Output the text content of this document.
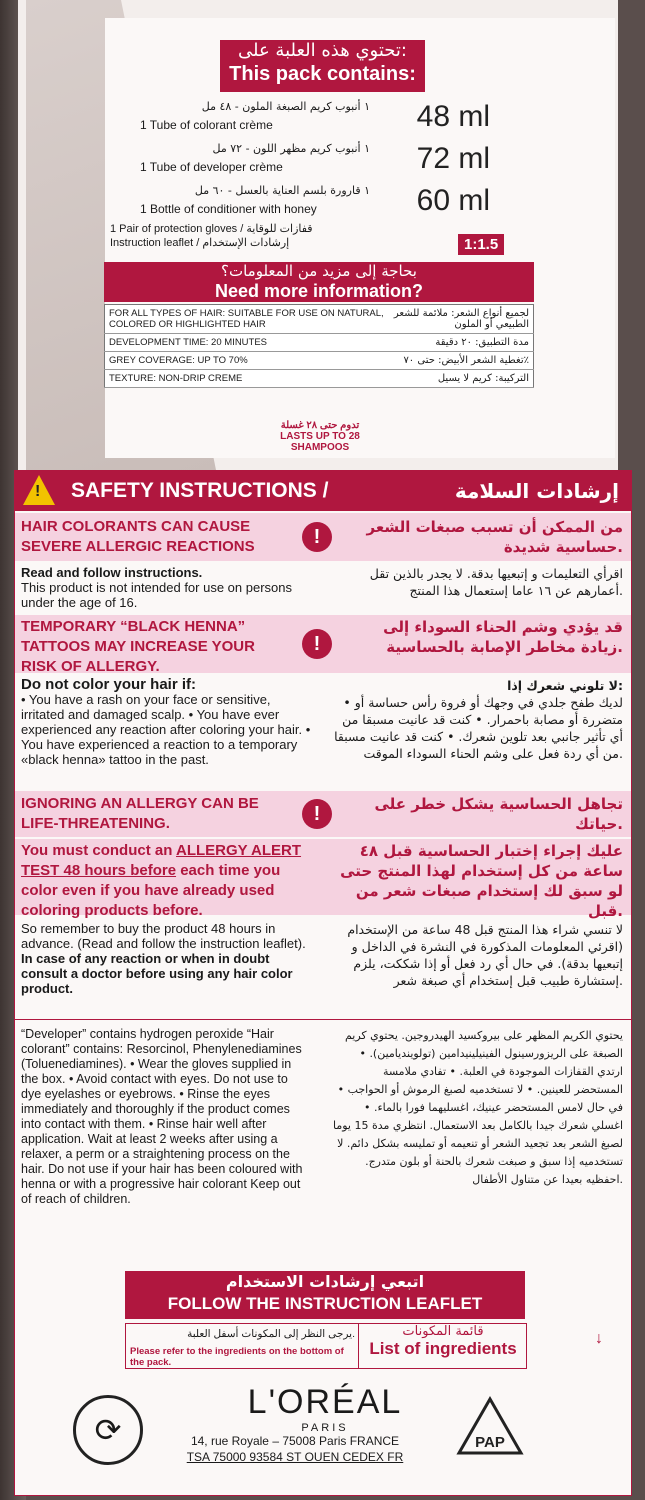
تحتوي هذه العلبة على:
This pack contains:
١ أنبوب كريم الصبغة الملون - ٤٨ مل
1 Tube of colorant crème	48 ml
١ أنبوب كريم مظهر اللون - ٧٢ مل
1 Tube of developer crème	72 ml
١ قارورة بلسم العناية بالعسل - ٦٠ مل
1 Bottle of conditioner with honey	60 ml
1 Pair of protection gloves / قفازات للوقاية
Instruction leaflet / إرشادات الإستخدام	1:1.5
بحاجة إلى مزيد من المعلومات؟
Need more information?
FOR ALL TYPES OF HAIR: SUITABLE FOR USE ON NATURAL, COLORED OR HIGHLIGHTED HAIR	لجميع أنواع الشعر: ملائمة للشعر الطبيعي أو الملون
DEVELOPMENT TIME: 20 MINUTES	مدة التطبيق: ٢٠ دقيقة
GREY COVERAGE: UP TO 70%	تغطية الشعر الأبيض: حتى ٧٠٪
TEXTURE: NON-DRIP CREME	التركيبة: كريم لا يسيل
تدوم حتى ٢٨ غسلة
LASTS UP TO 28 SHAMPOOS
! SAFETY INSTRUCTIONS /	إرشادات السلامة
HAIR COLORANTS CAN CAUSE SEVERE ALLERGIC REACTIONS	!	من الممكن أن تسبب صبغات الشعر حساسية شديدة.
Read and follow instructions.
This product is not intended for use on persons under the age of 16.
اقرأي التعليمات و إتبعيها بدقة. لا يجدر بالذين تقل أعمارهم عن ١٦ عاما إستعمال هذا المنتج.
TEMPORARY “BLACK HENNA” TATTOOS MAY INCREASE YOUR RISK OF ALLERGY.
!
قد يؤدي وشم الحناء السوداء إلى زيادة مخاطر الإصابة بالحساسية.
Do not color your hair if:
• You have a rash on your face or sensitive, irritated and damaged scalp. • You have ever experienced any reaction after coloring your hair. • You have experienced a reaction to a temporary «black henna» tattoo in the past.
لا تلوني شعرك إذا:
• لديك طفح جلدي في وجهك أو فروة رأس حساسة أو متضررة أو مصابة باحمرار. • كنت قد عانيت مسبقا من أي تأثير جانبي بعد تلوين شعرك. • كنت قد عانيت مسبقا من أي ردة فعل على وشم الحناء السوداء الموقت.
IGNORING AN ALLERGY CAN BE LIFE-THREATENING.	!	تجاهل الحساسية يشكل خطر على حياتك.
You must conduct an ALLERGY ALERT TEST 48 hours before each time you color even if you have already used coloring products before.
عليك إجراء إختبار الحساسية قبل ٤٨ ساعة من كل إستخدام لهذا المنتج حتى لو سبق لك إستخدام صبغات شعر من قبل.
So remember to buy the product 48 hours in advance. (Read and follow the instruction leaflet).
In case of any reaction or when in doubt consult a doctor before using any hair color product.
لا تنسي شراء هذا المنتج قبل 48 ساعة من الإستخدام (اقرئي المعلومات المذكورة في النشرة في الداخل و إتبعيها بدقة). في حال أي رد فعل أو إذا شككت، يلزم إستشارة طبيب قبل إستخدام أي صبغة شعر.
“Developer” contains hydrogen peroxide “Hair colorant” contains: Resorcinol, Phenylenediamines (Toluenediamines). • Wear the gloves supplied in the box. • Avoid contact with eyes. Do not use to dye eyelashes or eyebrows. • Rinse the eyes immediately and thoroughly if the product comes into contact with them. • Rinse hair well after application. Wait at least 2 weeks after using a relaxer, a perm or a straightening process on the hair. Do not use if your hair has been coloured with henna or with a progressive hair colorant Keep out of reach of children.
يحتوي الكريم المظهر على بيروكسيد الهيدروجين. يحتوي كريم الصبغة على الريزورسينول الفينيلينيدامين (تولوينديامين). • ارتدي القفازات الموجودة في العلبة. • تفادي ملامسة المستحضر للعينين. • لا تستخدميه لصبغ الرموش أو الحواجب • في حال لامس المستحضر عينيك، اغسليهما فورا بالماء. • اغسلي شعرك جيدا بالكامل بعد الاستعمال. انتظري مدة 15 يوما لصبغ الشعر بعد تجعيد الشعر أو تنعيمه أو تمليسه بشكل دائم. لا تستخدميه إذا سبق و صبغت شعرك بالحنة أو بلون متدرج. احفظيه بعيدا عن متناول الأطفال.
اتبعي إرشادات الاستخدام
FOLLOW THE INSTRUCTION LEAFLET
يرجى النظر إلى المكونات أسفل العلبة.
Please refer to the ingredients on the bottom of the pack.
↓
قائمة المكونات
List of ingredients
⟳
L'ORÉAL
PARIS
14, rue Royale – 75008 Paris FRANCE
TSA 75000 93584 ST OUEN CEDEX FR
PAP
